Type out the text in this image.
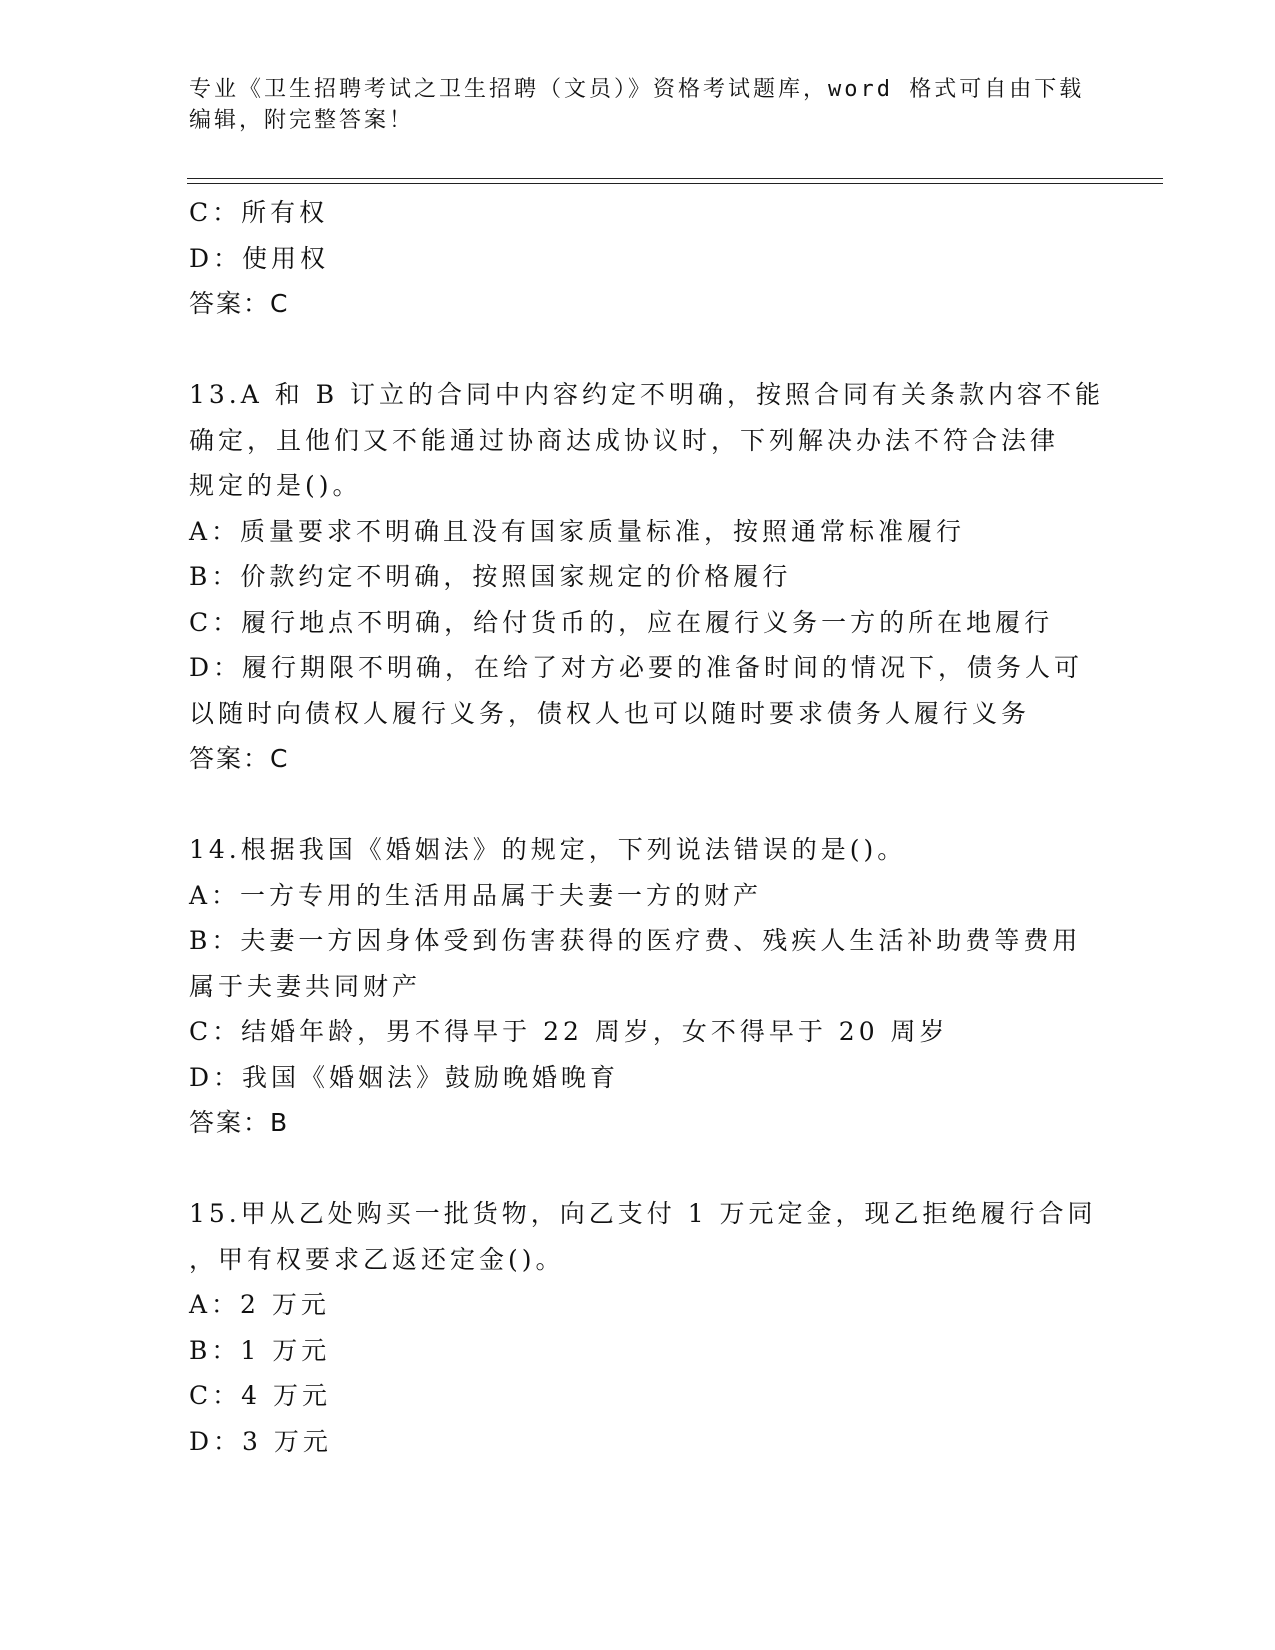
专业《卫生招聘考试之卫生招聘（文员）》资格考试题库，word 格式可自由下载
编辑，附完整答案！
C：所有权
D：使用权
答案：C
13.A 和 B 订立的合同中内容约定不明确，按照合同有关条款内容不能
确定，且他们又不能通过协商达成协议时，下列解决办法不符合法律
规定的是()。
A：质量要求不明确且没有国家质量标准，按照通常标准履行
B：价款约定不明确，按照国家规定的价格履行
C：履行地点不明确，给付货币的，应在履行义务一方的所在地履行
D：履行期限不明确，在给了对方必要的准备时间的情况下，债务人可
以随时向债权人履行义务，债权人也可以随时要求债务人履行义务
答案：C
14.根据我国《婚姻法》的规定，下列说法错误的是()。
A：一方专用的生活用品属于夫妻一方的财产
B：夫妻一方因身体受到伤害获得的医疗费、残疾人生活补助费等费用
属于夫妻共同财产
C：结婚年龄，男不得早于 22 周岁，女不得早于 20 周岁
D：我国《婚姻法》鼓励晚婚晚育
答案：B
15.甲从乙处购买一批货物，向乙支付 1 万元定金，现乙拒绝履行合同
，甲有权要求乙返还定金()。
A：2 万元
B：1 万元
C：4 万元
D：3 万元
